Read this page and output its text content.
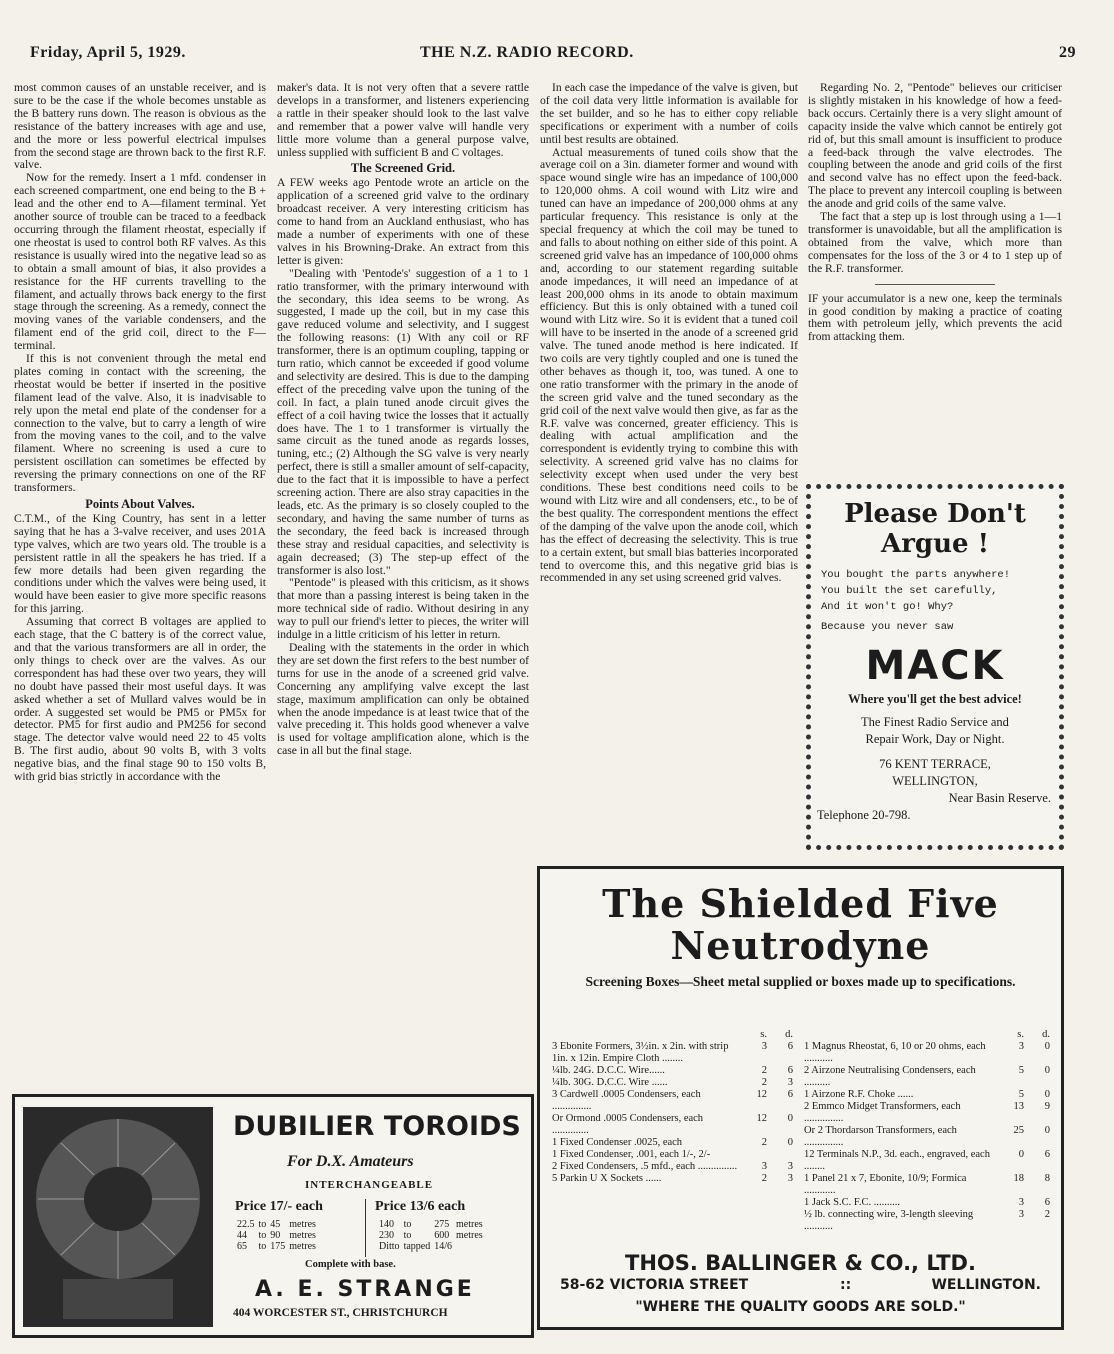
Friday, April 5, 1929.	THE N.Z. RADIO RECORD.	29

most common causes of an unstable receiver, and is sure to be the case if the whole becomes unstable as the B battery runs down. The reason is obvious as the resistance of the battery increases with age and use, and the more or less powerful electrical impulses from the second stage are thrown back to the first R.F. valve.

Now for the remedy. Insert a 1 mfd. condenser in each screened compartment, one end being to the B + lead and the other end to A—filament terminal. Yet another source of trouble can be traced to a feedback occurring through the filament rheostat, especially if one rheostat is used to control both RF valves. As this resistance is usually wired into the negative lead so as to obtain a small amount of bias, it also provides a resistance for the HF currents travelling to the filament, and actually throws back energy to the first stage through the screening. As a remedy, connect the moving vanes of the variable condensers, and the filament end of the grid coil, direct to the F—terminal.

If this is not convenient through the metal end plates coming in contact with the screening, the rheostat would be better if inserted in the positive filament lead of the valve. Also, it is inadvisable to rely upon the metal end plate of the condenser for a connection to the valve, but to carry a length of wire from the moving vanes to the coil, and to the valve filament. Where no screening is used a cure to persistent oscillation can sometimes be effected by reversing the primary connections on one of the RF transformers.

Points About Valves.

C.T.M., of the King Country, has sent in a letter saying that he has a 3-valve receiver, and uses 201A type valves, which are two years old. The trouble is a persistent rattle in all the speakers he has tried. If a few more details had been given regarding the conditions under which the valves were being used, it would have been easier to give more specific reasons for this jarring.

Assuming that correct B voltages are applied to each stage, that the C battery is of the correct value, and that the various transformers are all in order, the only things to check over are the valves. As our correspondent has had these over two years, they will no doubt have passed their most useful days. It was asked whether a set of Mullard valves would be in order. A suggested set would be PM5 or PM5x for detector. PM5 for first audio and PM256 for second stage. The detector valve would need 22 to 45 volts B. The first audio, about 90 volts B, with 3 volts negative bias, and the final stage 90 to 150 volts B, with grid bias strictly in accordance with the

maker's data. It is not very often that a severe rattle develops in a transformer, and listeners experiencing a rattle in their speaker should look to the last valve and remember that a power valve will handle very little more volume than a general purpose valve, unless supplied with sufficient B and C voltages.

The Screened Grid.

A FEW weeks ago Pentode wrote an article on the application of a screened grid valve to the ordinary broadcast receiver. A very interesting criticism has come to hand from an Auckland enthusiast, who has made a number of experiments with one of these valves in his Browning-Drake. An extract from this letter is given:

"Dealing with 'Pentode's' suggestion of a 1 to 1 ratio transformer, with the primary interwound with the secondary, this idea seems to be wrong. As suggested, I made up the coil, but in my case this gave reduced volume and selectivity, and I suggest the following reasons: (1) With any coil or RF transformer, there is an optimum coupling, tapping or turn ratio, which cannot be exceeded if good volume and selectivity are desired. This is due to the damping effect of the preceding valve upon the tuning of the coil. In fact, a plain tuned anode circuit gives the effect of a coil having twice the losses that it actually does have. The 1 to 1 transformer is virtually the same circuit as the tuned anode as regards losses, tuning, etc.; (2) Although the SG valve is very nearly perfect, there is still a smaller amount of self-capacity, due to the fact that it is impossible to have a perfect screening action. There are also stray capacities in the leads, etc. As the primary is so closely coupled to the secondary, and having the same number of turns as the secondary, the feed back is increased through these stray and residual capacities, and selectivity is again decreased; (3) The step-up effect of the transformer is also lost."

"Pentode" is pleased with this criticism, as it shows that more than a passing interest is being taken in the more technical side of radio. Without desiring in any way to pull our friend's letter to pieces, the writer will indulge in a little criticism of his letter in return.

Dealing with the statements in the order in which they are set down the first refers to the best number of turns for use in the anode of a screened grid valve. Concerning any amplifying valve except the last stage, maximum amplification can only be obtained when the anode impedance is at least twice that of the valve preceding it. This holds good whenever a valve is used for voltage amplification alone, which is the case in all but the final stage.

In each case the impedance of the valve is given, but of the coil data very little information is available for the set builder, and so he has to either copy reliable specifications or experiment with a number of coils until best results are obtained.

Actual measurements of tuned coils show that the average coil on a 3in. diameter former and wound with space wound single wire has an impedance of 100,000 to 120,000 ohms. A coil wound with Litz wire and tuned can have an impedance of 200,000 ohms at any particular frequency. This resistance is only at the special frequency at which the coil may be tuned to and falls to about nothing on either side of this point. A screened grid valve has an impedance of 100,000 ohms and, according to our statement regarding suitable anode impedances, it will need an impedance of at least 200,000 ohms in its anode to obtain maximum efficiency. But this is only obtained with a tuned coil wound with Litz wire. So it is evident that a tuned coil will have to be inserted in the anode of a screened grid valve. The tuned anode method is here indicated. If two coils are very tightly coupled and one is tuned the other behaves as though it, too, was tuned. A one to one ratio transformer with the primary in the anode of the screen grid valve and the tuned secondary as the grid coil of the next valve would then give, as far as the R.F. valve was concerned, greater efficiency. This is dealing with actual amplification and the correspondent is evidently trying to combine this with selectivity. A screened grid valve has no claims for selectivity except when used under the very best conditions. These best conditions need coils to be wound with Litz wire and all condensers, etc., to be of the best quality. The correspondent mentions the effect of the damping of the valve upon the anode coil, which has the effect of decreasing the selectivity. This is true to a certain extent, but small bias batteries incorporated tend to overcome this, and this negative grid bias is recommended in any set using screened grid valves.

Regarding No. 2, "Pentode" believes our criticiser is slightly mistaken in his knowledge of how a feed-back occurs. Certainly there is a very slight amount of capacity inside the valve which cannot be entirely got rid of, but this small amount is insufficient to produce a feed-back through the valve electrodes. The coupling between the anode and grid coils of the first and second valve has no effect upon the feed-back. The place to prevent any intercoil coupling is between the anode and grid coils of the same valve.

The fact that a step up is lost through using a 1—1 transformer is unavoidable, but all the amplification is obtained from the valve, which more than compensates for the loss of the 3 or 4 to 1 step up of the R.F. transformer.

IF your accumulator is a new one, keep the terminals in good condition by making a practice of coating them with petroleum jelly, which prevents the acid from attacking them.

Please Don't Argue !
You bought the parts anywhere!
You built the set carefully,
And it won't go! Why?
Because you never saw
MACK
Where you'll get the best advice!
The Finest Radio Service and
Repair Work, Day or Night.
76 KENT TERRACE,
WELLINGTON,
Near Basin Reserve.
Telephone 20-798.
The Shielded Five
Neutrodyne
Screening Boxes—Sheet metal supplied or boxes made up to specifications.
	s.	d.
3 Ebonite Formers, 3½in. x 2in. with strip 1in. x 12in. Empire Cloth ........	3	6
¼lb. 24G. D.C.C. Wire......	2	6
¼lb. 30G. D.C.C. Wire ......	2	3
3 Cardwell .0005 Condensers, each ...............	12	6
Or Ormond .0005 Condensers, each ..............	12	0
1 Fixed Condenser .0025, each	2	0
1 Fixed Condenser, .001, each 1/-, 2/-		
2 Fixed Condensers, .5 mfd., each ...............	3	3
5 Parkin U X Sockets ......	2	3
	s.	d.
1 Magnus Rheostat, 6, 10 or 20 ohms, each ...........	3	0
2 Airzone Neutralising Condensers, each ..........	5	0
1 Airzone R.F. Choke ......	5	0
2 Emmco Midget Transformers, each ...............	13	9
Or 2 Thordarson Transformers, each ...............	25	0
12 Terminals N.P., 3d. each., engraved, each ........	0	6
1 Panel 21 x 7, Ebonite, 10/9; Formica ............	18	8
1 Jack S.C. F.C. ..........	3	6
½ lb. connecting wire, 3-length sleeving ...........	3	2
THOS. BALLINGER & CO., LTD.
58-62 VICTORIA STREET	::	WELLINGTON.
"WHERE THE QUALITY GOODS ARE SOLD."
DUBILIER TOROIDS
For D.X. Amateurs
INTERCHANGEABLE
Price 17/- each	Price 13/6 each
22.5	to	45	metres
44	to	90	metres
65	to	175	metres
140	to	275	metres
230	to	600	metres
Ditto	tapped	14/6	
Complete with base.
A. E. STRANGE
404 WORCESTER ST., CHRISTCHURCH
